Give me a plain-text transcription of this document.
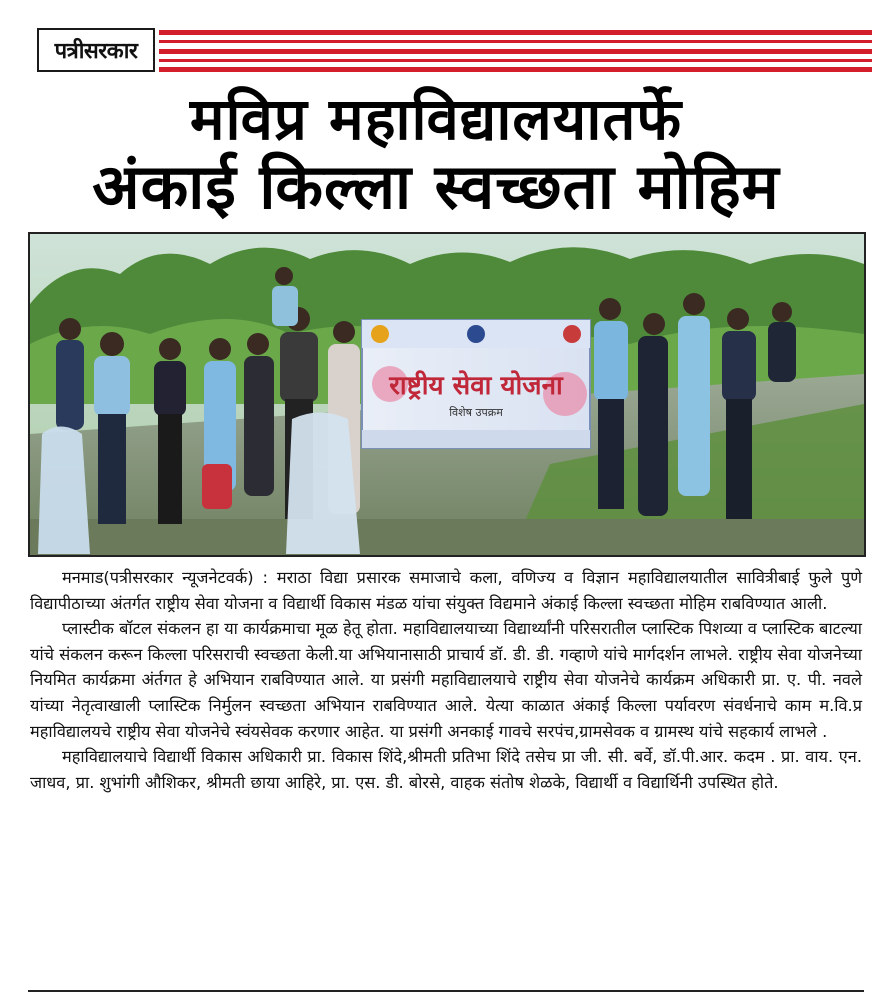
पत्रीसरकार
मविप्र महाविद्यालयातर्फे
अंकाई किल्ला स्वच्छता मोहिम
राष्ट्रीय सेवा योजना
विशेष उपक्रम

मनमाड(पत्रीसरकार न्यूजनेटवर्क) : मराठा विद्या प्रसारक समाजाचे कला, वणिज्य व विज्ञान महाविद्यालयातील सावित्रीबाई फुले पुणे विद्यापीठाच्या अंतर्गत राष्ट्रीय सेवा योजना व विद्यार्थी विकास मंडळ यांचा संयुक्त विद्यमाने अंकाई किल्ला स्वच्छता मोहिम राबविण्यात आली.

प्लास्टीक बॉटल संकलन हा या कार्यक्रमाचा मूळ हेतू होता. महाविद्यालयाच्या विद्यार्थ्यांनी परिसरातील प्लास्टिक पिशव्या व प्लास्टिक बाटल्या यांचे संकलन करून किल्ला परिसराची स्वच्छता केली.या अभियानासाठी प्राचार्य डॉ. डी. डी. गव्हाणे यांचे मार्गदर्शन लाभले. राष्ट्रीय सेवा योजनेच्या नियमित कार्यक्रमा अंर्तगत हे अभियान राबविण्यात आले. या प्रसंगी महाविद्यालयाचे राष्ट्रीय सेवा योजनेचे कार्यक्रम अधिकारी प्रा. ए. पी. नवले यांच्या नेतृत्वाखाली प्लास्टिक निर्मुलन स्वच्छता अभियान राबविण्यात आले. येत्या काळात अंकाई किल्ला पर्यावरण संवर्धनाचे काम म.वि.प्र महाविद्यालयचे राष्ट्रीय सेवा योजनेचे स्वंयसेवक करणार आहेत. या प्रसंगी अनकाई गावचे सरपंच,ग्रामसेवक व ग्रामस्थ यांचे सहकार्य लाभले .

महाविद्यालयाचे विद्यार्थी विकास अधिकारी प्रा. विकास शिंदे,श्रीमती प्रतिभा शिंदे तसेच प्रा जी. सी. बर्वे, डॉ.पी.आर. कदम . प्रा. वाय. एन. जाधव, प्रा. शुभांगी औशिकर, श्रीमती छाया आहिरे, प्रा. एस. डी. बोरसे, वाहक संतोष शेळके, विद्यार्थी व विद्यार्थिनी उपस्थित होते.
